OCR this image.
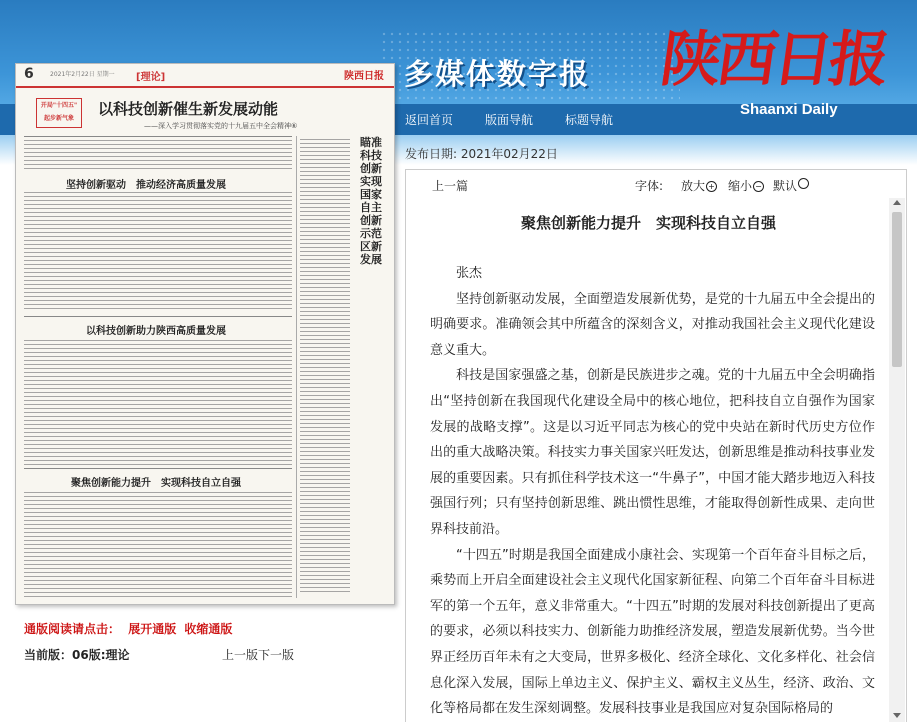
多媒体数字报 陕西日报
Shaanxi Daily
返回首页	版面导航	标题导航
6	2021年2月22日 星期一 [理论]	陕西日报
开局"十四五" 起步新气象
以科技创新催生新发展动能
——深入学习贯彻落实党的十九届五中全会精神⑥
瞄准科技创新 实现国家自主创新示范区新发展
坚持创新驱动　推动经济高质量发展
以科技创新助力陕西高质量发展
聚焦创新能力提升　实现科技自立自强
通版阅读请点击： 展开通版 收缩通版
当前版：06版:理论	上一版下一版
发布日期: 2021年02月22日
上一篇	字体: 放大 + 缩小 − 默认
聚焦创新能力提升　实现科技自立自强

张杰

坚持创新驱动发展，全面塑造发展新优势，是党的十九届五中全会提出的明确要求。准确领会其中所蕴含的深刻含义，对推动我国社会主义现代化建设意义重大。

科技是国家强盛之基，创新是民族进步之魂。党的十九届五中全会明确指出“坚持创新在我国现代化建设全局中的核心地位，把科技自立自强作为国家发展的战略支撑”。这是以习近平同志为核心的党中央站在新时代历史方位作出的重大战略决策。科技实力事关国家兴旺发达，创新思维是推动科技事业发展的重要因素。只有抓住科学技术这一“牛鼻子”，中国才能大踏步地迈入科技强国行列；只有坚持创新思维、跳出惯性思维，才能取得创新性成果、走向世界科技前沿。

“十四五”时期是我国全面建成小康社会、实现第一个百年奋斗目标之后，乘势而上开启全面建设社会主义现代化国家新征程、向第二个百年奋斗目标进军的第一个五年，意义非常重大。“十四五”时期的发展对科技创新提出了更高的要求，必须以科技实力、创新能力助推经济发展，塑造发展新优势。当今世界正经历百年未有之大变局，世界多极化、经济全球化、文化多样化、社会信息化深入发展，国际上单边主义、保护主义、霸权主义丛生，经济、政治、文化等格局都在发生深刻调整。发展科技事业是我国应对复杂国际格局的
